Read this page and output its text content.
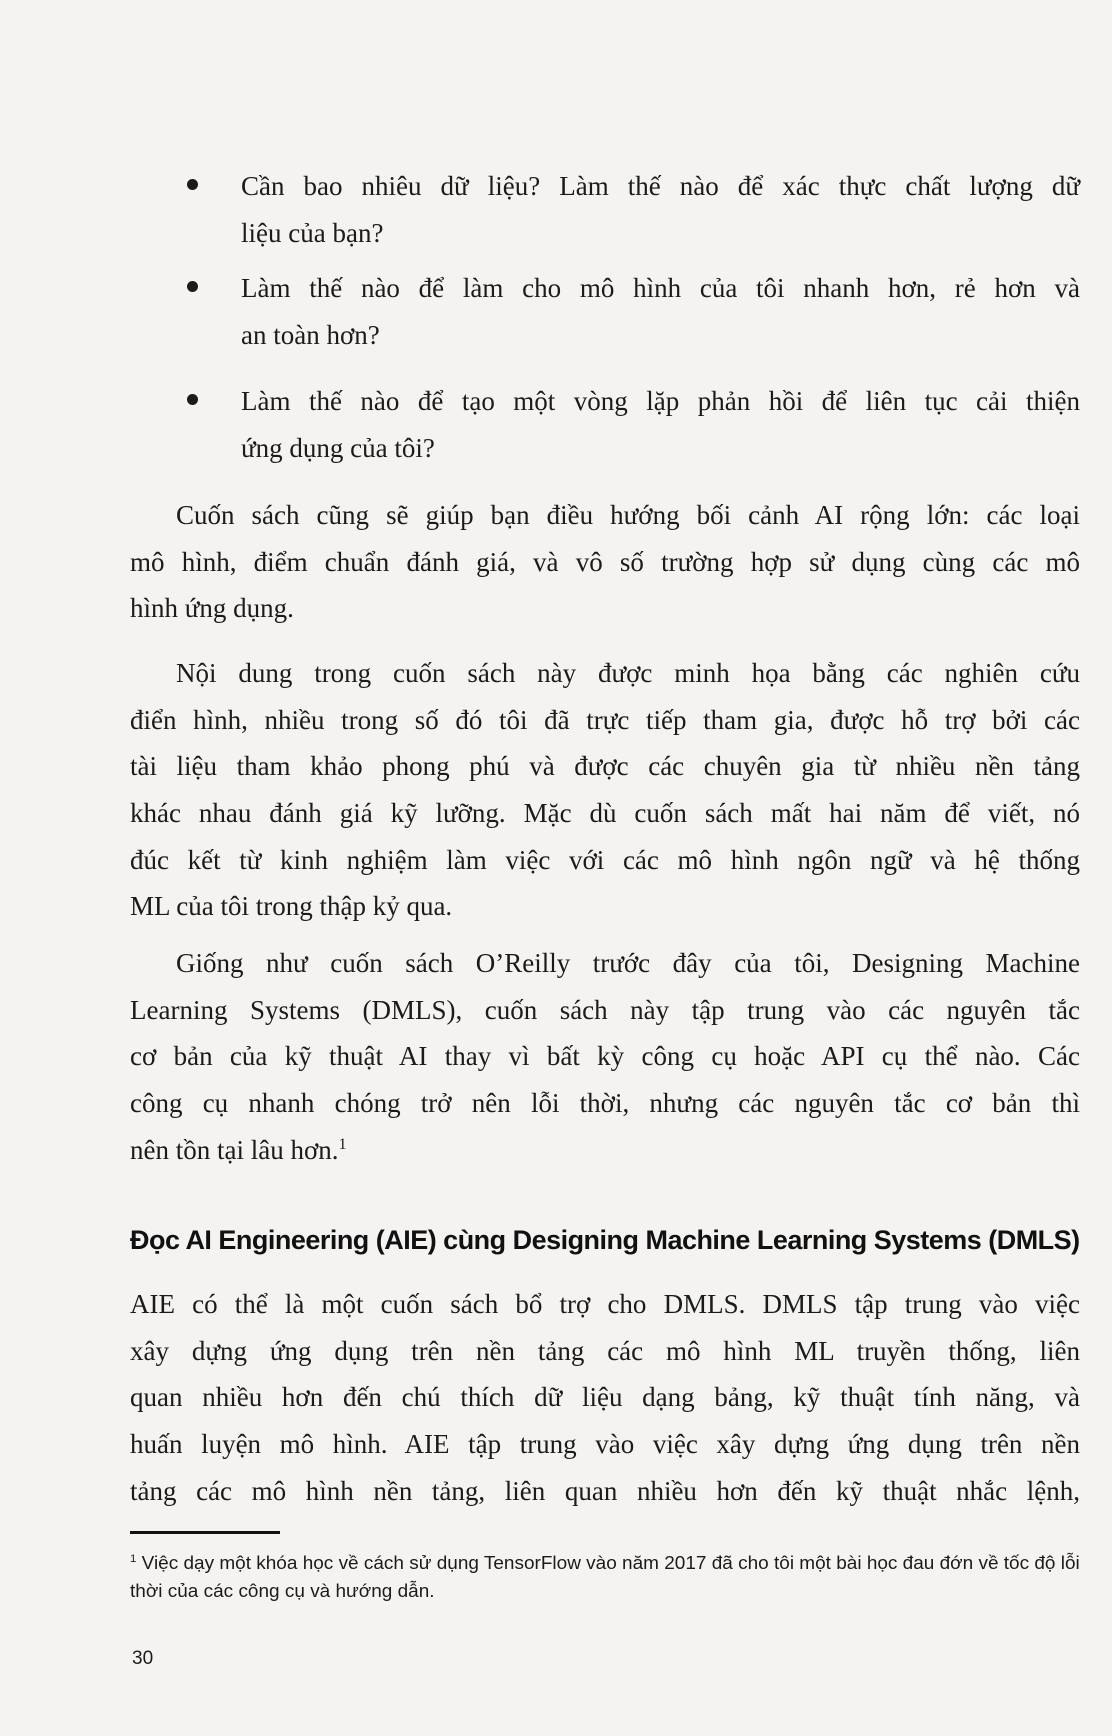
Cần bao nhiêu dữ liệu? Làm thế nào để xác thực chất lượng dữ
liệu của bạn?
Làm thế nào để làm cho mô hình của tôi nhanh hơn, rẻ hơn và
an toàn hơn?
Làm thế nào để tạo một vòng lặp phản hồi để liên tục cải thiện
ứng dụng của tôi?
Cuốn sách cũng sẽ giúp bạn điều hướng bối cảnh AI rộng lớn: các loại
mô hình, điểm chuẩn đánh giá, và vô số trường hợp sử dụng cùng các mô
hình ứng dụng.
Nội dung trong cuốn sách này được minh họa bằng các nghiên cứu
điển hình, nhiều trong số đó tôi đã trực tiếp tham gia, được hỗ trợ bởi các
tài liệu tham khảo phong phú và được các chuyên gia từ nhiều nền tảng
khác nhau đánh giá kỹ lưỡng. Mặc dù cuốn sách mất hai năm để viết, nó
đúc kết từ kinh nghiệm làm việc với các mô hình ngôn ngữ và hệ thống
ML của tôi trong thập kỷ qua.
Giống như cuốn sách O’Reilly trước đây của tôi, Designing Machine
Learning Systems (DMLS), cuốn sách này tập trung vào các nguyên tắc
cơ bản của kỹ thuật AI thay vì bất kỳ công cụ hoặc API cụ thể nào. Các
công cụ nhanh chóng trở nên lỗi thời, nhưng các nguyên tắc cơ bản thì
nên tồn tại lâu hơn.$^1$
Đọc AI Engineering (AIE) cùng Designing Machine Learning Systems (DMLS)
AIE có thể là một cuốn sách bổ trợ cho DMLS. DMLS tập trung vào việc
xây dựng ứng dụng trên nền tảng các mô hình ML truyền thống, liên
quan nhiều hơn đến chú thích dữ liệu dạng bảng, kỹ thuật tính năng, và
huấn luyện mô hình. AIE tập trung vào việc xây dựng ứng dụng trên nền
tảng các mô hình nền tảng, liên quan nhiều hơn đến kỹ thuật nhắc lệnh,
$^1$ Việc dạy một khóa học về cách sử dụng TensorFlow vào năm 2017 đã cho tôi một bài học đau đớn về tốc độ lỗi
thời của các công cụ và hướng dẫn.
30
